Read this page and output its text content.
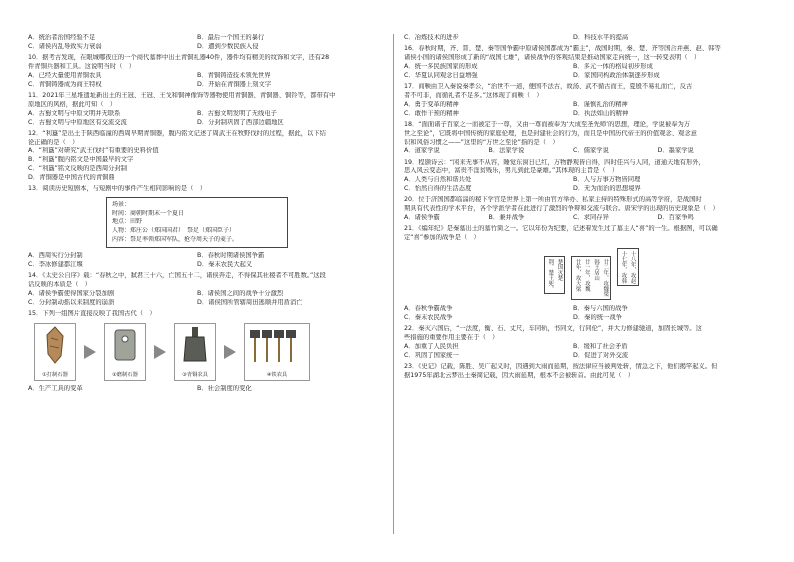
A．统治者治国经验不足	B．最后一个国王的暴行
C．诸侯内乱导致实力衰弱	D．遭到少数民族入侵
10．据考古发现，在眼城哪夜庄的一个商代墓葬中出土青铜礼器40件，器件均有精美的纹饰和文字，还有28
件青铜兵器和工具。这说明当时（　）
A．已经大量使用青铜农具	B．青铜铸造技术领先世界
C．青铜铸器成为商王特权	D．开始在青铜器上刻文字
11．2021年三星堆遗址新出土的王冠、王冠、王戈和铜神像饰等器物使用青铜器、青铜器、铜铃等，都带有中
原地区的风格，据此可知（　）
A．古蜀文明与中原文明并无联系	B．古蜀文明发明了无线电子
C．古蜀文明与中原地区有交流交流	D．分封制巩固了西部边疆地区
12．“利簋”是出土于陕西临潼的西周早期青铜器，腹内铭文记述了周武王在牧野伐纣的过程，据此，以下结
论正确的是（　）
A．“利簋”对研究“武王伐纣”有重要的史料价值
B．“利簋”腹内铭文是中国最早的文字
C．“利簋”铭文反映的是西周分封制
D．青铜器是中国古代的青铜鼎
13．阅读历史短剧本，与短剧中的事件产生相同影响的是（　）
场景：
时间：商朝时期末一个夏日
地点：田野
人物：郑庄公（郑国国君）　祭足（郑国臣子）
内容：祭足率领郑国军队，抢夺周天子的麦子。
A．西周实行分封制	B．春秋时期诸侯国争霸
C．李冰修建都江堰	D．秦末农民大起义
14．《太史公自序》载：“春秋之中，弑君三十六，亡国五十二，诸侯奔走，不得保其社稷者不可胜数。”这段
话反映的本质是（　）
A．诸侯争霸使得国家分裂加剧	B．诸侯国之间的战争十分激烈
C．分封制动摇以来制度的崩溃	D．诸侯国所管辖周田逃顺并用盾消亡
15．下列一组图片直接反映了我国古代（　）
①打制石器	②磨制石器	③青铜农具	④铁农具
A．生产工具的变革	B．社会制度的变化
C．冶炼技术的进步	D．科技水平的提高
16．春秋时期，齐、晋、楚、秦等国争霸中原诸侯国都成为“霸主”，战国时期，秦、楚、齐等国合并燕、赵、韩等
诸侯小国的诸侯国形成了新的“战国七雄”，诸侯战争的客观结果是推动国家走向统一，这一转变表明（　）
A．统一多民族国家的形成	B．多元一体的格局初步形成
C．华夏认同观念日益增强	D．家国同构政治体制逐步形成
17．商鞅由卫入秦说秦孝公，“治世不一道，便国不法古，故汤、武不循古而王，夏殷不易礼而亡，反古
者不可非，而循礼者不足多。”这体现了商鞅（　）
A．勇于变革的精神	B．谨慎礼治的精神
C．敢作干预的精神	D．执法如山的精神
18．“面面诸子百家之一而被定于一尊，又由一尊而被奉为‘大成至圣先师’的思想，理论，学说被奉为万
世之至论”，它既将中国传统的家庭伦理，也是封建社会的行为，而且是中国历代帝王的价值观念、观念意
识和风俗习惯之——”这里的“万世之至论”指的是（　）
A．道家学说	B．法家学说	C．儒家学说	D．墨家学说
19．程颢诗云：“闲来无事不从容，睡觉东窗日已红，万物静观皆自得，四时佳兴与人同，道通天地有形外，
思入风云变态中，富贵不淫贫贱乐，男儿到此是豪雄。”其体现的主旨是（　）
A．人类与自然和谐共处	B．人与万事万物皆同理
C．怡然自得的生活态度	D．无为而治的思想境界
20．位于济国国都临淄的稷下学宫是世界上第一所由官方举办、私家主持的特殊形式的高等学府，是战国时
期具有代表性的学术平台，各个学派学者在此进行了激烈的争辩和交流与联合。唐宋学的出现的历史现象是（　）
A．诸侯争霸	B．兼并战争	C．求同存异	D．百家争鸣
21．《编年纪》是秦墓出土的墓竹简之一。它以年份为纪要，记述着发生过了墓主人“喜”的一生。根据图，可以确
定“喜”参加的战争是（　）
荆，楚王死， 楚国灭楚 廿年，攻大梁 廿一年，攻魏 韩王居山 廿二年，攻魏梁 十七年，攻韩 十八年，攻赵
A．春秋争霸战争	B．秦与六国的战争
C．秦末农民战争	D．秦的统一战争
22．秦灭六国后，“一法度，衡、石、丈尺，车同轨，书同文，行同伦”，并大力修建驰道，加固长城等。这
些措施的重要作用主要在于（　）
A．加重了人民负担	B．缓和了社会矛盾
C．巩固了国家统一	D．促进了对外交流
23．《史记》记载，陈胜、吴广起义时，因遇到大雨而延期，按法律应当被判处斩，情急之下，他们揭竿起义。但
据1975年湖北云梦出土秦简记载，因大雨延期，根本不会被斩首。由此可见（　）
